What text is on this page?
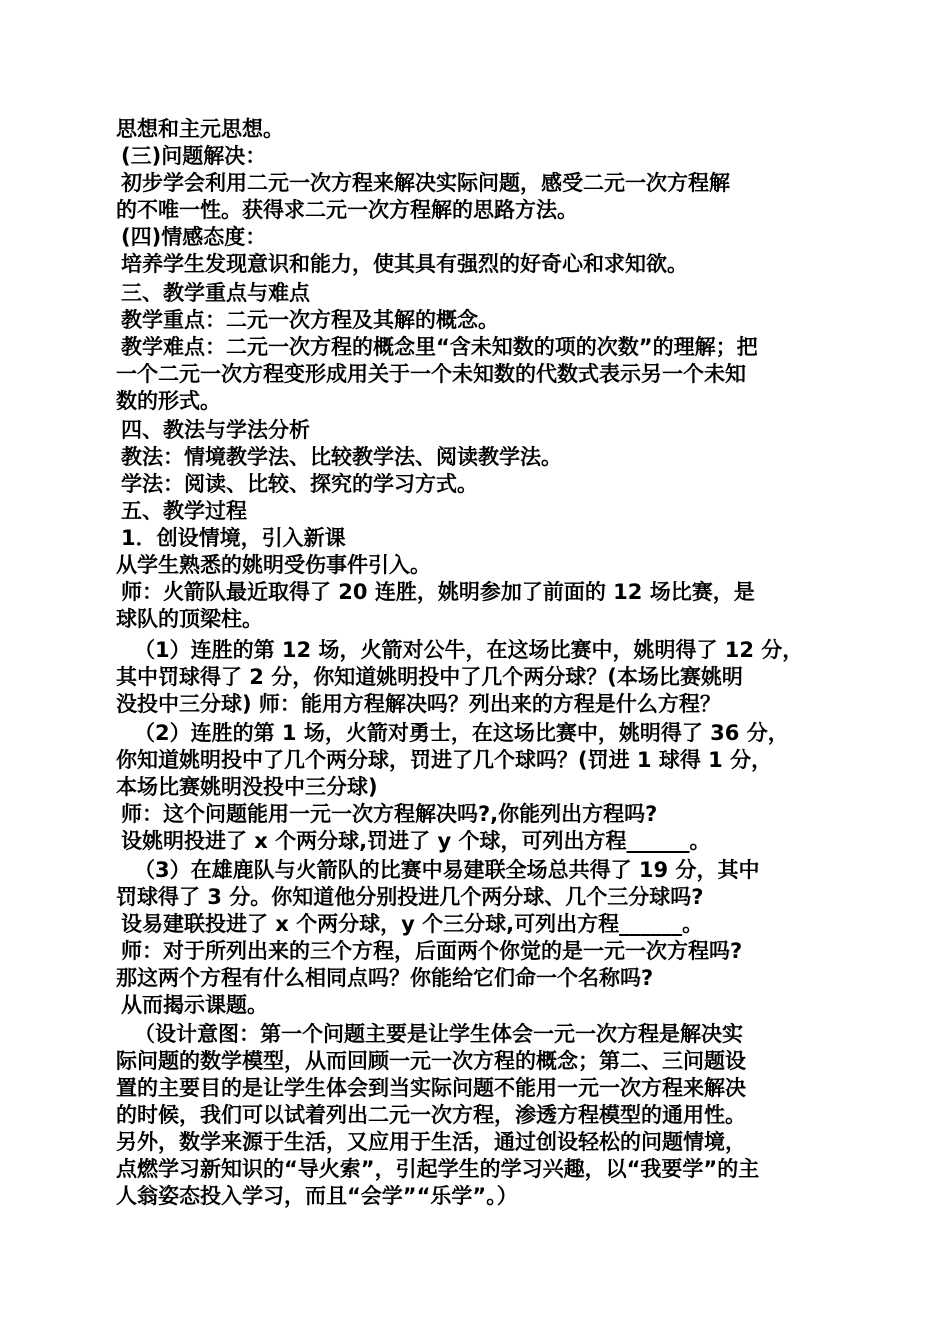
思想和主元思想。
(三)问题解决：
初步学会利用二元一次方程来解决实际问题，感受二元一次方程解
的不唯一性。获得求二元一次方程解的思路方法。
(四)情感态度：
培养学生发现意识和能力，使其具有强烈的好奇心和求知欲。
三、教学重点与难点
教学重点：二元一次方程及其解的概念。
教学难点：二元一次方程的概念里“含未知数的项的次数”的理解；把
一个二元一次方程变形成用关于一个未知数的代数式表示另一个未知
数的形式。
四、教法与学法分析
教法：情境教学法、比较教学法、阅读教学法。
学法：阅读、比较、探究的学习方式。
五、教学过程
1．创设情境，引入新课
从学生熟悉的姚明受伤事件引入。
师：火箭队最近取得了 20 连胜，姚明参加了前面的 12 场比赛，是
球队的顶梁柱。
（1）连胜的第 12 场，火箭对公牛，在这场比赛中，姚明得了 12 分，
其中罚球得了 2 分，你知道姚明投中了几个两分球？(本场比赛姚明
没投中三分球) 师：能用方程解决吗？列出来的方程是什么方程？
（2）连胜的第 1 场，火箭对勇士，在这场比赛中，姚明得了 36 分，
你知道姚明投中了几个两分球，罚进了几个球吗？(罚进 1 球得 1 分，
本场比赛姚明没投中三分球)
师：这个问题能用一元一次方程解决吗?,你能列出方程吗?
设姚明投进了 x 个两分球,罚进了 y 个球，可列出方程______。
（3）在雄鹿队与火箭队的比赛中易建联全场总共得了 19 分，其中
罚球得了 3 分。你知道他分别投进几个两分球、几个三分球吗?
设易建联投进了 x 个两分球，y 个三分球,可列出方程______。
师：对于所列出来的三个方程，后面两个你觉的是一元一次方程吗?
那这两个方程有什么相同点吗？你能给它们命一个名称吗?
从而揭示课题。
（设计意图：第一个问题主要是让学生体会一元一次方程是解决实
际问题的数学模型，从而回顾一元一次方程的概念；第二、三问题设
置的主要目的是让学生体会到当实际问题不能用一元一次方程来解决
的时候，我们可以试着列出二元一次方程，渗透方程模型的通用性。
另外，数学来源于生活，又应用于生活，通过创设轻松的问题情境，
点燃学习新知识的“导火索”，引起学生的学习兴趣，以“我要学”的主
人翁姿态投入学习，而且“会学”“乐学”。）
